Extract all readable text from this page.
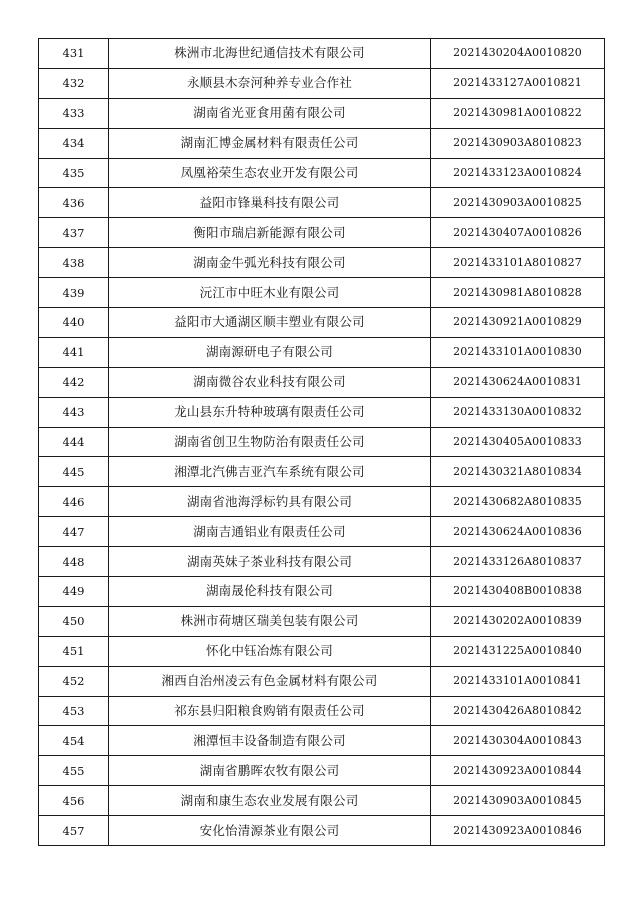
431	株洲市北海世纪通信技术有限公司	2021430204A0010820
432	永顺县木奈河种养专业合作社	2021433127A0010821
433	湖南省光亚食用菌有限公司	2021430981A0010822
434	湖南汇博金属材料有限责任公司	2021430903A8010823
435	凤凰裕荣生态农业开发有限公司	2021433123A0010824
436	益阳市锋巢科技有限公司	2021430903A0010825
437	衡阳市瑞启新能源有限公司	2021430407A0010826
438	湖南金牛弧光科技有限公司	2021433101A8010827
439	沅江市中旺木业有限公司	2021430981A8010828
440	益阳市大通湖区顺丰塑业有限公司	2021430921A0010829
441	湖南源研电子有限公司	2021433101A0010830
442	湖南微谷农业科技有限公司	2021430624A0010831
443	龙山县东升特种玻璃有限责任公司	2021433130A0010832
444	湖南省创卫生物防治有限责任公司	2021430405A0010833
445	湘潭北汽佛吉亚汽车系统有限公司	2021430321A8010834
446	湖南省池海浮标钓具有限公司	2021430682A8010835
447	湖南吉通铝业有限责任公司	2021430624A0010836
448	湖南英妹子茶业科技有限公司	2021433126A8010837
449	湖南晟伦科技有限公司	2021430408B0010838
450	株洲市荷塘区瑞美包装有限公司	2021430202A0010839
451	怀化中钰冶炼有限公司	2021431225A0010840
452	湘西自治州凌云有色金属材料有限公司	2021433101A0010841
453	祁东县归阳粮食购销有限责任公司	2021430426A8010842
454	湘潭恒丰设备制造有限公司	2021430304A0010843
455	湖南省鹏晖农牧有限公司	2021430923A0010844
456	湖南和康生态农业发展有限公司	2021430903A0010845
457	安化怡清源茶业有限公司	2021430923A0010846
